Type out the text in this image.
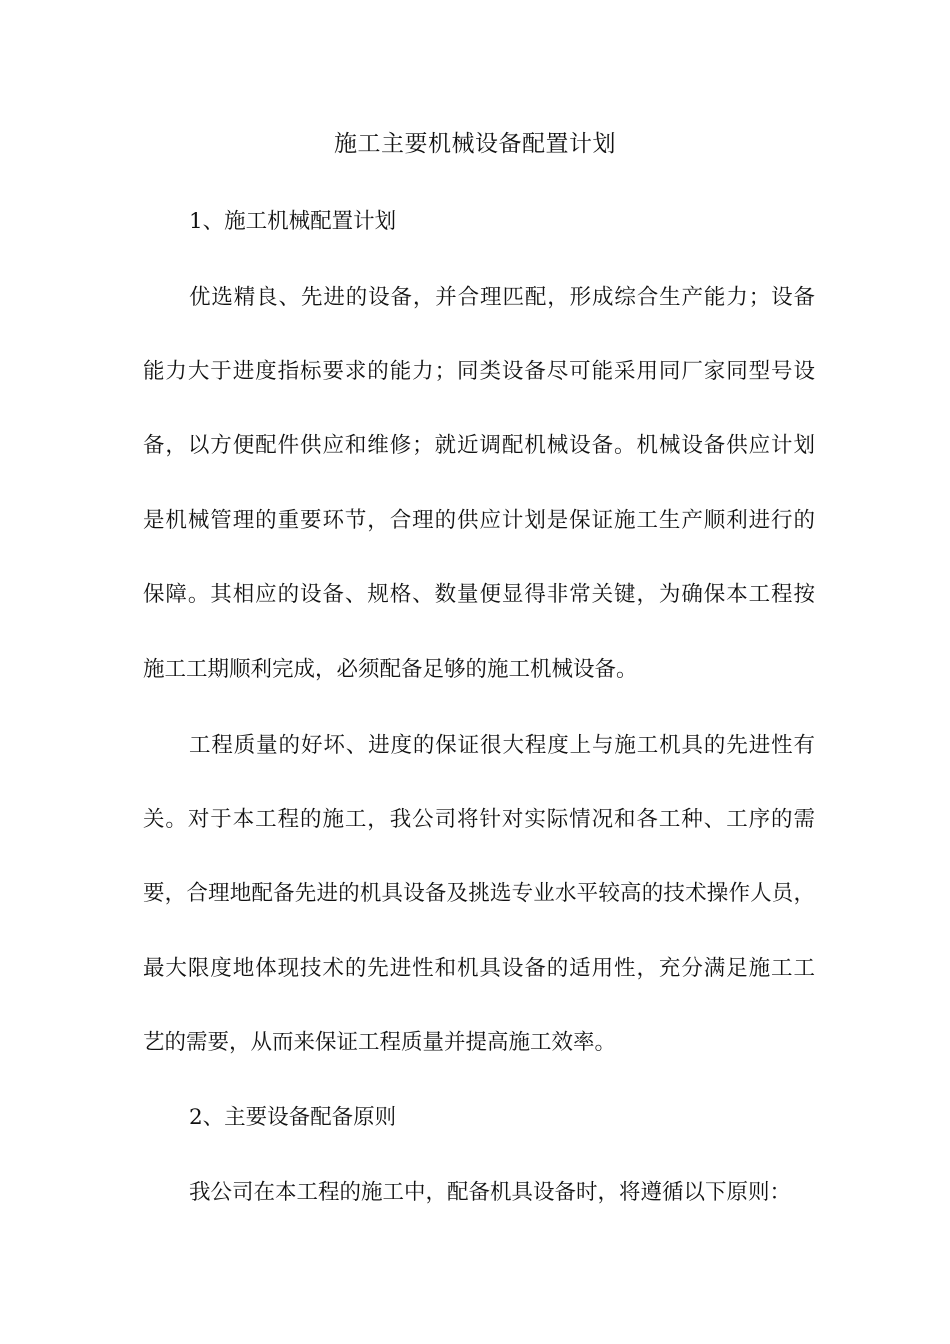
施工主要机械设备配置计划

1、施工机械配置计划

优选精良、先进的设备，并合理匹配，形成综合生产能力；设备

能力大于进度指标要求的能力；同类设备尽可能采用同厂家同型号设

备，以方便配件供应和维修；就近调配机械设备。机械设备供应计划

是机械管理的重要环节，合理的供应计划是保证施工生产顺利进行的

保障。其相应的设备、规格、数量便显得非常关键，为确保本工程按

施工工期顺利完成，必须配备足够的施工机械设备。

工程质量的好坏、进度的保证很大程度上与施工机具的先进性有

关。对于本工程的施工，我公司将针对实际情况和各工种、工序的需

要，合理地配备先进的机具设备及挑选专业水平较高的技术操作人员，

最大限度地体现技术的先进性和机具设备的适用性，充分满足施工工

艺的需要，从而来保证工程质量并提高施工效率。

2、主要设备配备原则

我公司在本工程的施工中，配备机具设备时，将遵循以下原则：
